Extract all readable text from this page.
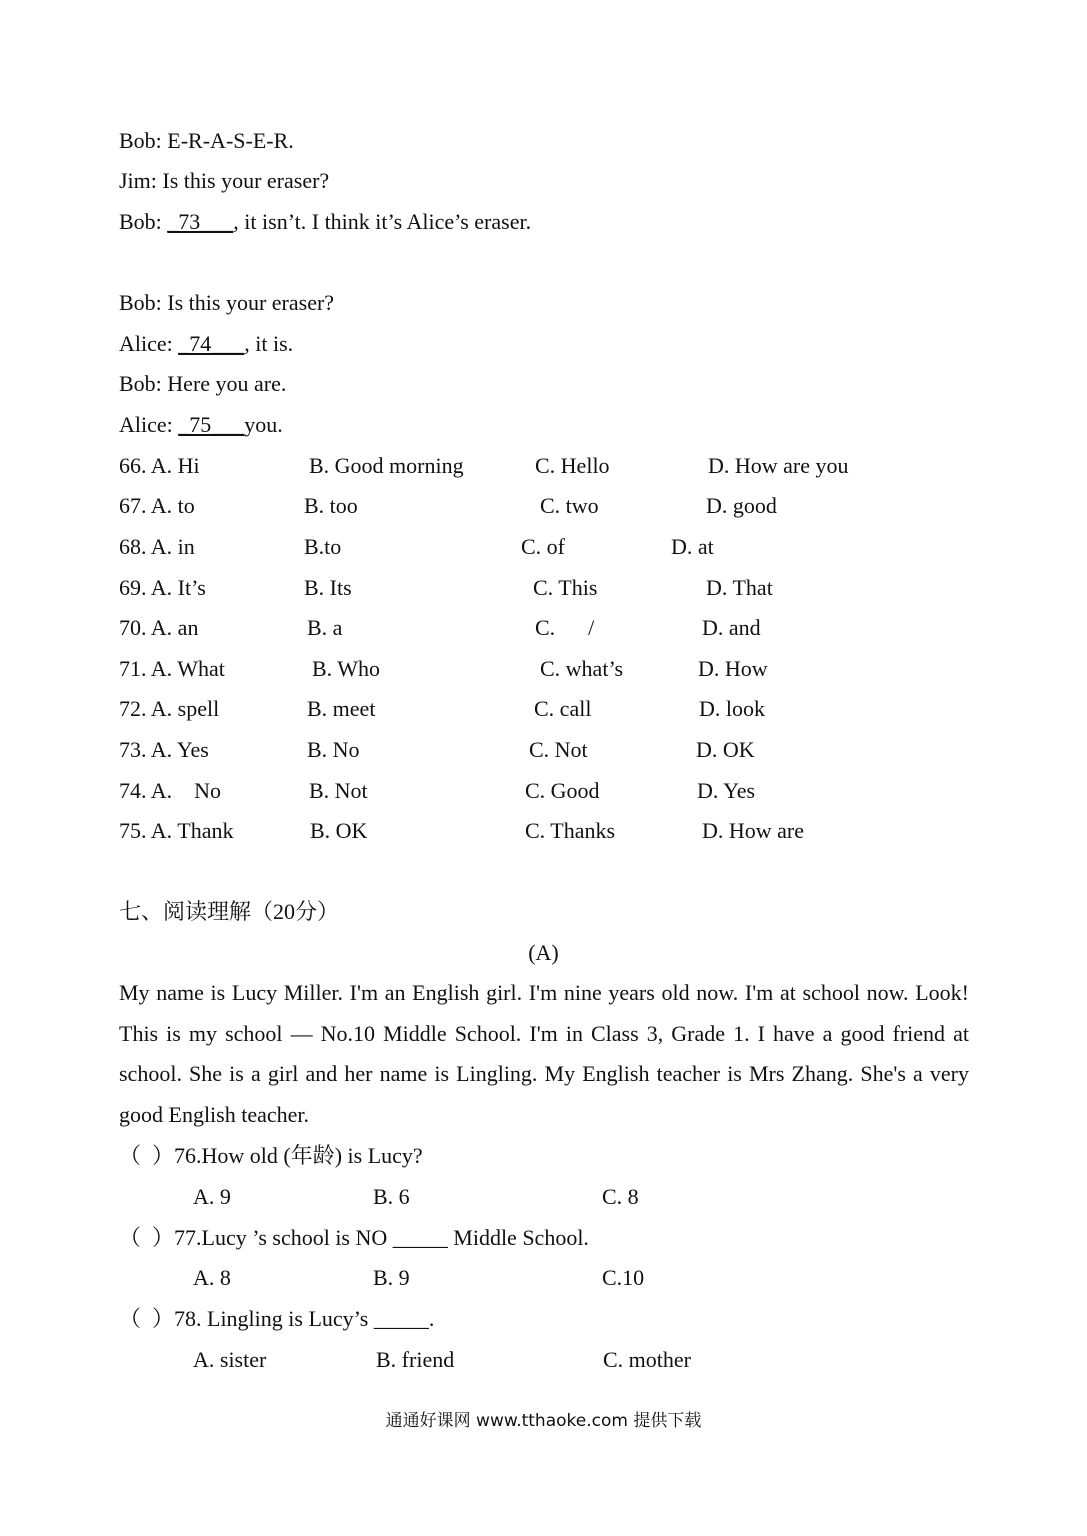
Bob: E-R-A-S-E-R.
Jim: Is this your eraser?
Bob: _73___, it isn’t. I think it’s Alice’s eraser.
Bob: Is this your eraser?
Alice: _74___, it is.
Bob: Here you are.
Alice: _75___you.
66. A. Hi	B. Good morning	C. Hello	D. How are you
67. A. to	B. too	C. two	D. good
68. A. in	B.to	C. of	D. at
69. A. It’s	B. Its	C. This	D. That
70. A. an	B. a	C.      /	D. and
71. A. What	B. Who	C. what’s	D. How
72. A. spell	B. meet	C. call	D. look
73. A. Yes	B. No	C. Not	D. OK
74. A.    No	B. Not	C. Good	D. Yes
75. A. Thank	B. OK	C. Thanks	D. How are
七、阅读理解（20分）
(A)
My name is Lucy Miller. I'm an English girl. I'm nine years old now. I'm at school now. Look! This is my school — No.10 Middle School. I'm in Class 3, Grade 1. I have a good friend at school. She is a girl and her name is Lingling. My English teacher is Mrs Zhang. She's a very good English teacher.
（  ）76.How old (年龄) is Lucy?
A. 9	B. 6	C. 8
（  ）77.Lucy ’s school is NO _____ Middle School.
A. 8	B. 9	C.10
（  ）78. Lingling is Lucy’s _____.
A. sister	B. friend	C. mother
通通好课网 www.tthaoke.com 提供下载
